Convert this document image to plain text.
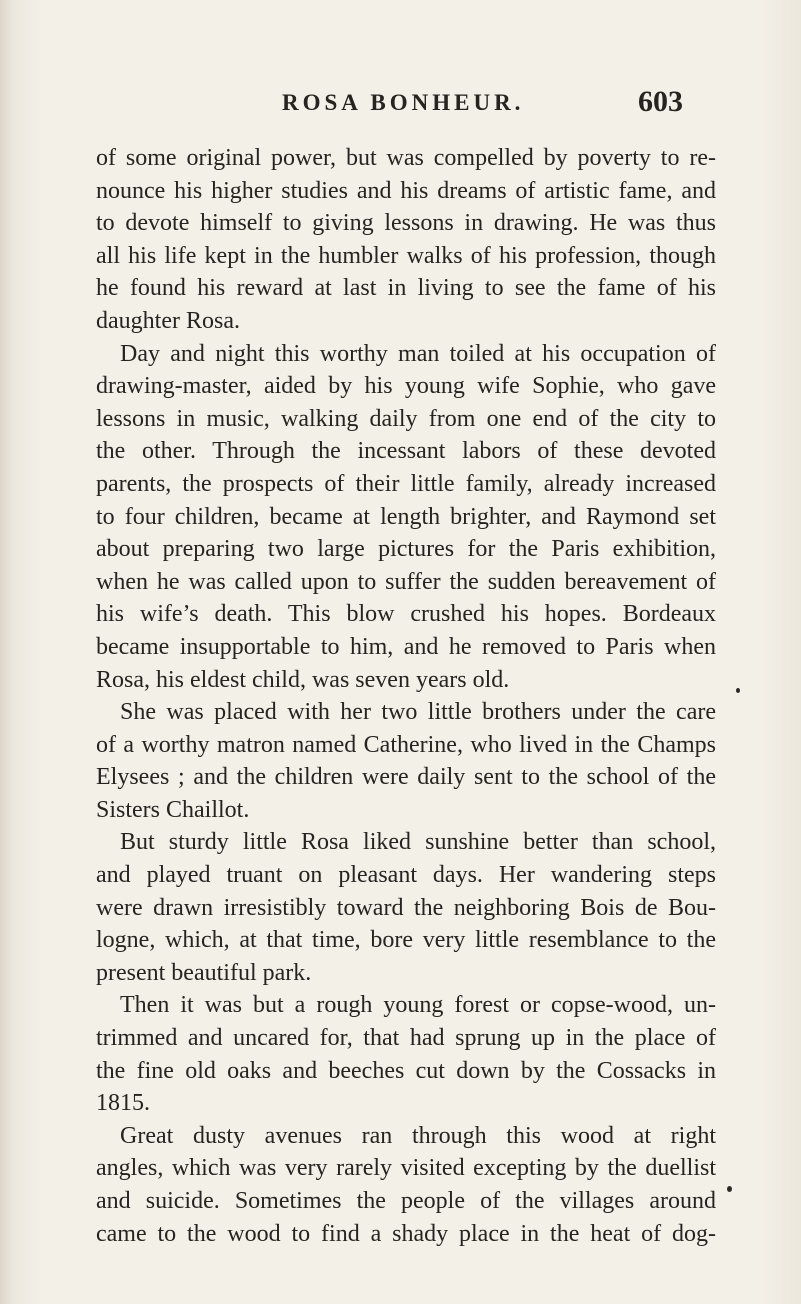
ROSA BONHEUR.	603
of some original power, but was compelled by poverty to re-
nounce his higher studies and his dreams of artistic fame, and
to devote himself to giving lessons in drawing. He was thus
all his life kept in the humbler walks of his profession, though
he found his reward at last in living to see the fame of his
daughter Rosa.
Day and night this worthy man toiled at his occupation of
drawing-master, aided by his young wife Sophie, who gave
lessons in music, walking daily from one end of the city to
the other. Through the incessant labors of these devoted
parents, the prospects of their little family, already increased
to four children, became at length brighter, and Raymond set
about preparing two large pictures for the Paris exhibition,
when he was called upon to suffer the sudden bereavement of
his wife’s death. This blow crushed his hopes. Bordeaux
became insupportable to him, and he removed to Paris when
Rosa, his eldest child, was seven years old.
She was placed with her two little brothers under the care
of a worthy matron named Catherine, who lived in the Champs
Elysees ; and the children were daily sent to the school of the
Sisters Chaillot.
But sturdy little Rosa liked sunshine better than school,
and played truant on pleasant days. Her wandering steps
were drawn irresistibly toward the neighboring Bois de Bou-
logne, which, at that time, bore very little resemblance to the
present beautiful park.
Then it was but a rough young forest or copse-wood, un-
trimmed and uncared for, that had sprung up in the place of
the fine old oaks and beeches cut down by the Cossacks in
1815.
Great dusty avenues ran through this wood at right
angles, which was very rarely visited excepting by the duellist
and suicide. Sometimes the people of the villages around
came to the wood to find a shady place in the heat of dog-
